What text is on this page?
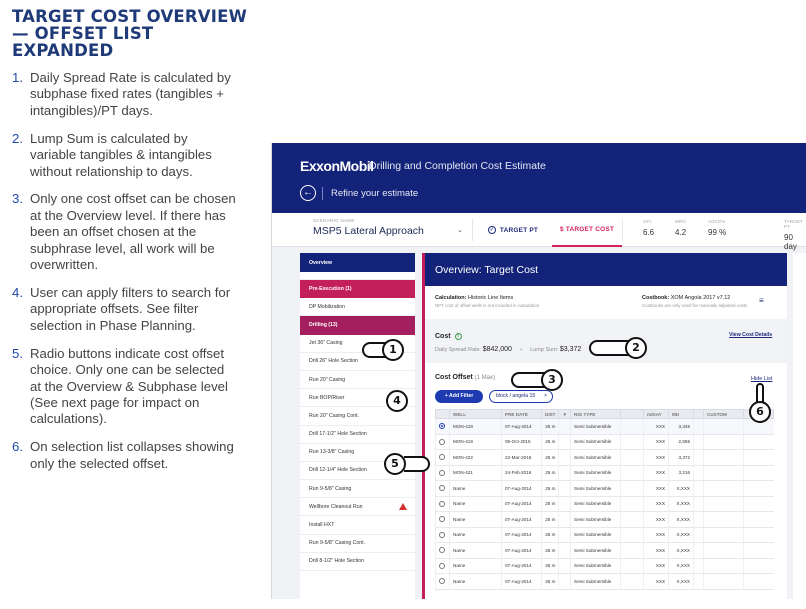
TARGET COST OVERVIEW — OFFSET LIST EXPANDED
1. Daily Spread Rate is calculated by subphase fixed rates (tangibles + intangibles)/PT days.
2. Lump Sum is calculated by variable tangibles & intangibles without relationship to days.
3. Only one cost offset can be chosen at the Overview level. If there has been an offset chosen at the subphrase level, all work will be overwritten.
4. User can apply filters to search for appropriate offsets. See filter selection in Phase Planning.
5. Radio buttons indicate cost offset choice. Only one can be selected at the Overview & Subphase level (See next page for impact on calculations).
6. On selection list collapses showing only the selected offset.
ExxonMobil
Drilling and Completion Cost Estimate
←	Refine your estimate
SCENARIO NAME
MSP5 Lateral Approach	⌄	✓ TARGET PT	$ TARGET COST
GFI
6.6
MRO
4.2
ADCE%
99 %
TARGET PT
90 day
Overview
Pre-Execution (1)
DP Mobilization
Drilling (13)
Jet 36" Casing
Drill 26" Hole Section
Run 20" Casing
Run BOP/Riser
Run 20" Casing Cont.
Drill 17-1/2" Hole Section
Run 13-3/8" Casing
Drill 12-1/4" Hole Section
Run 9-5/8" Casing
Wellbore Cleanout Run
Install HXT
Run 9-5/8" Casing Cont.
Drill 8-1/2" Hole Section
Overview: Target Cost
Calculation: Historic Line Items
NPT cost of offset wells is not included in calculation
Costbook: XOM Angola 2017 v7.12
Costbooks are only used for manually adjusted costs
≡
Cost i
Daily Spread Rate: $842,000 + Lump Sum: $3,372
View Cost Details
Cost Offset (1 Max)	Hide List
+ Add Filter	block / angela 15 ×
	WELL	PRE DATE	DIST	▼	RIG TYPE		m/DAY	MD		CUSTOM	
	MON-418	07-Aug-2014	25 m		Semi Submersible		XXX	3,345			
	MON-419	05-Oct-2015	25 m		Semi Submersible		XXX	2,555			
	MON-422	22-Mar-2016	25 m		Semi Submersible		XXX	3,372			
	MON-421	24-Feb-2016	25 m		Semi Submersible		XXX	3,216			
	Name	07-Aug-2014	25 m		Semi Submersible		XXX	X,XXX			
	Name	07-Aug-2014	25 m		Semi Submersible		XXX	X,XXX			
	Name	07-Aug-2014	25 m		Semi Submersible		XXX	X,XXX			
	Name	07-Aug-2014	25 m		Semi Submersible		XXX	X,XXX			
	Name	07-Aug-2014	25 m		Semi Submersible		XXX	X,XXX			
	Name	07-Aug-2014	25 m		Semi Submersible		XXX	X,XXX			
	Name	07-Aug-2014	25 m		Semi Submersible		XXX	X,XXX			
1	2
3
4
5
6
